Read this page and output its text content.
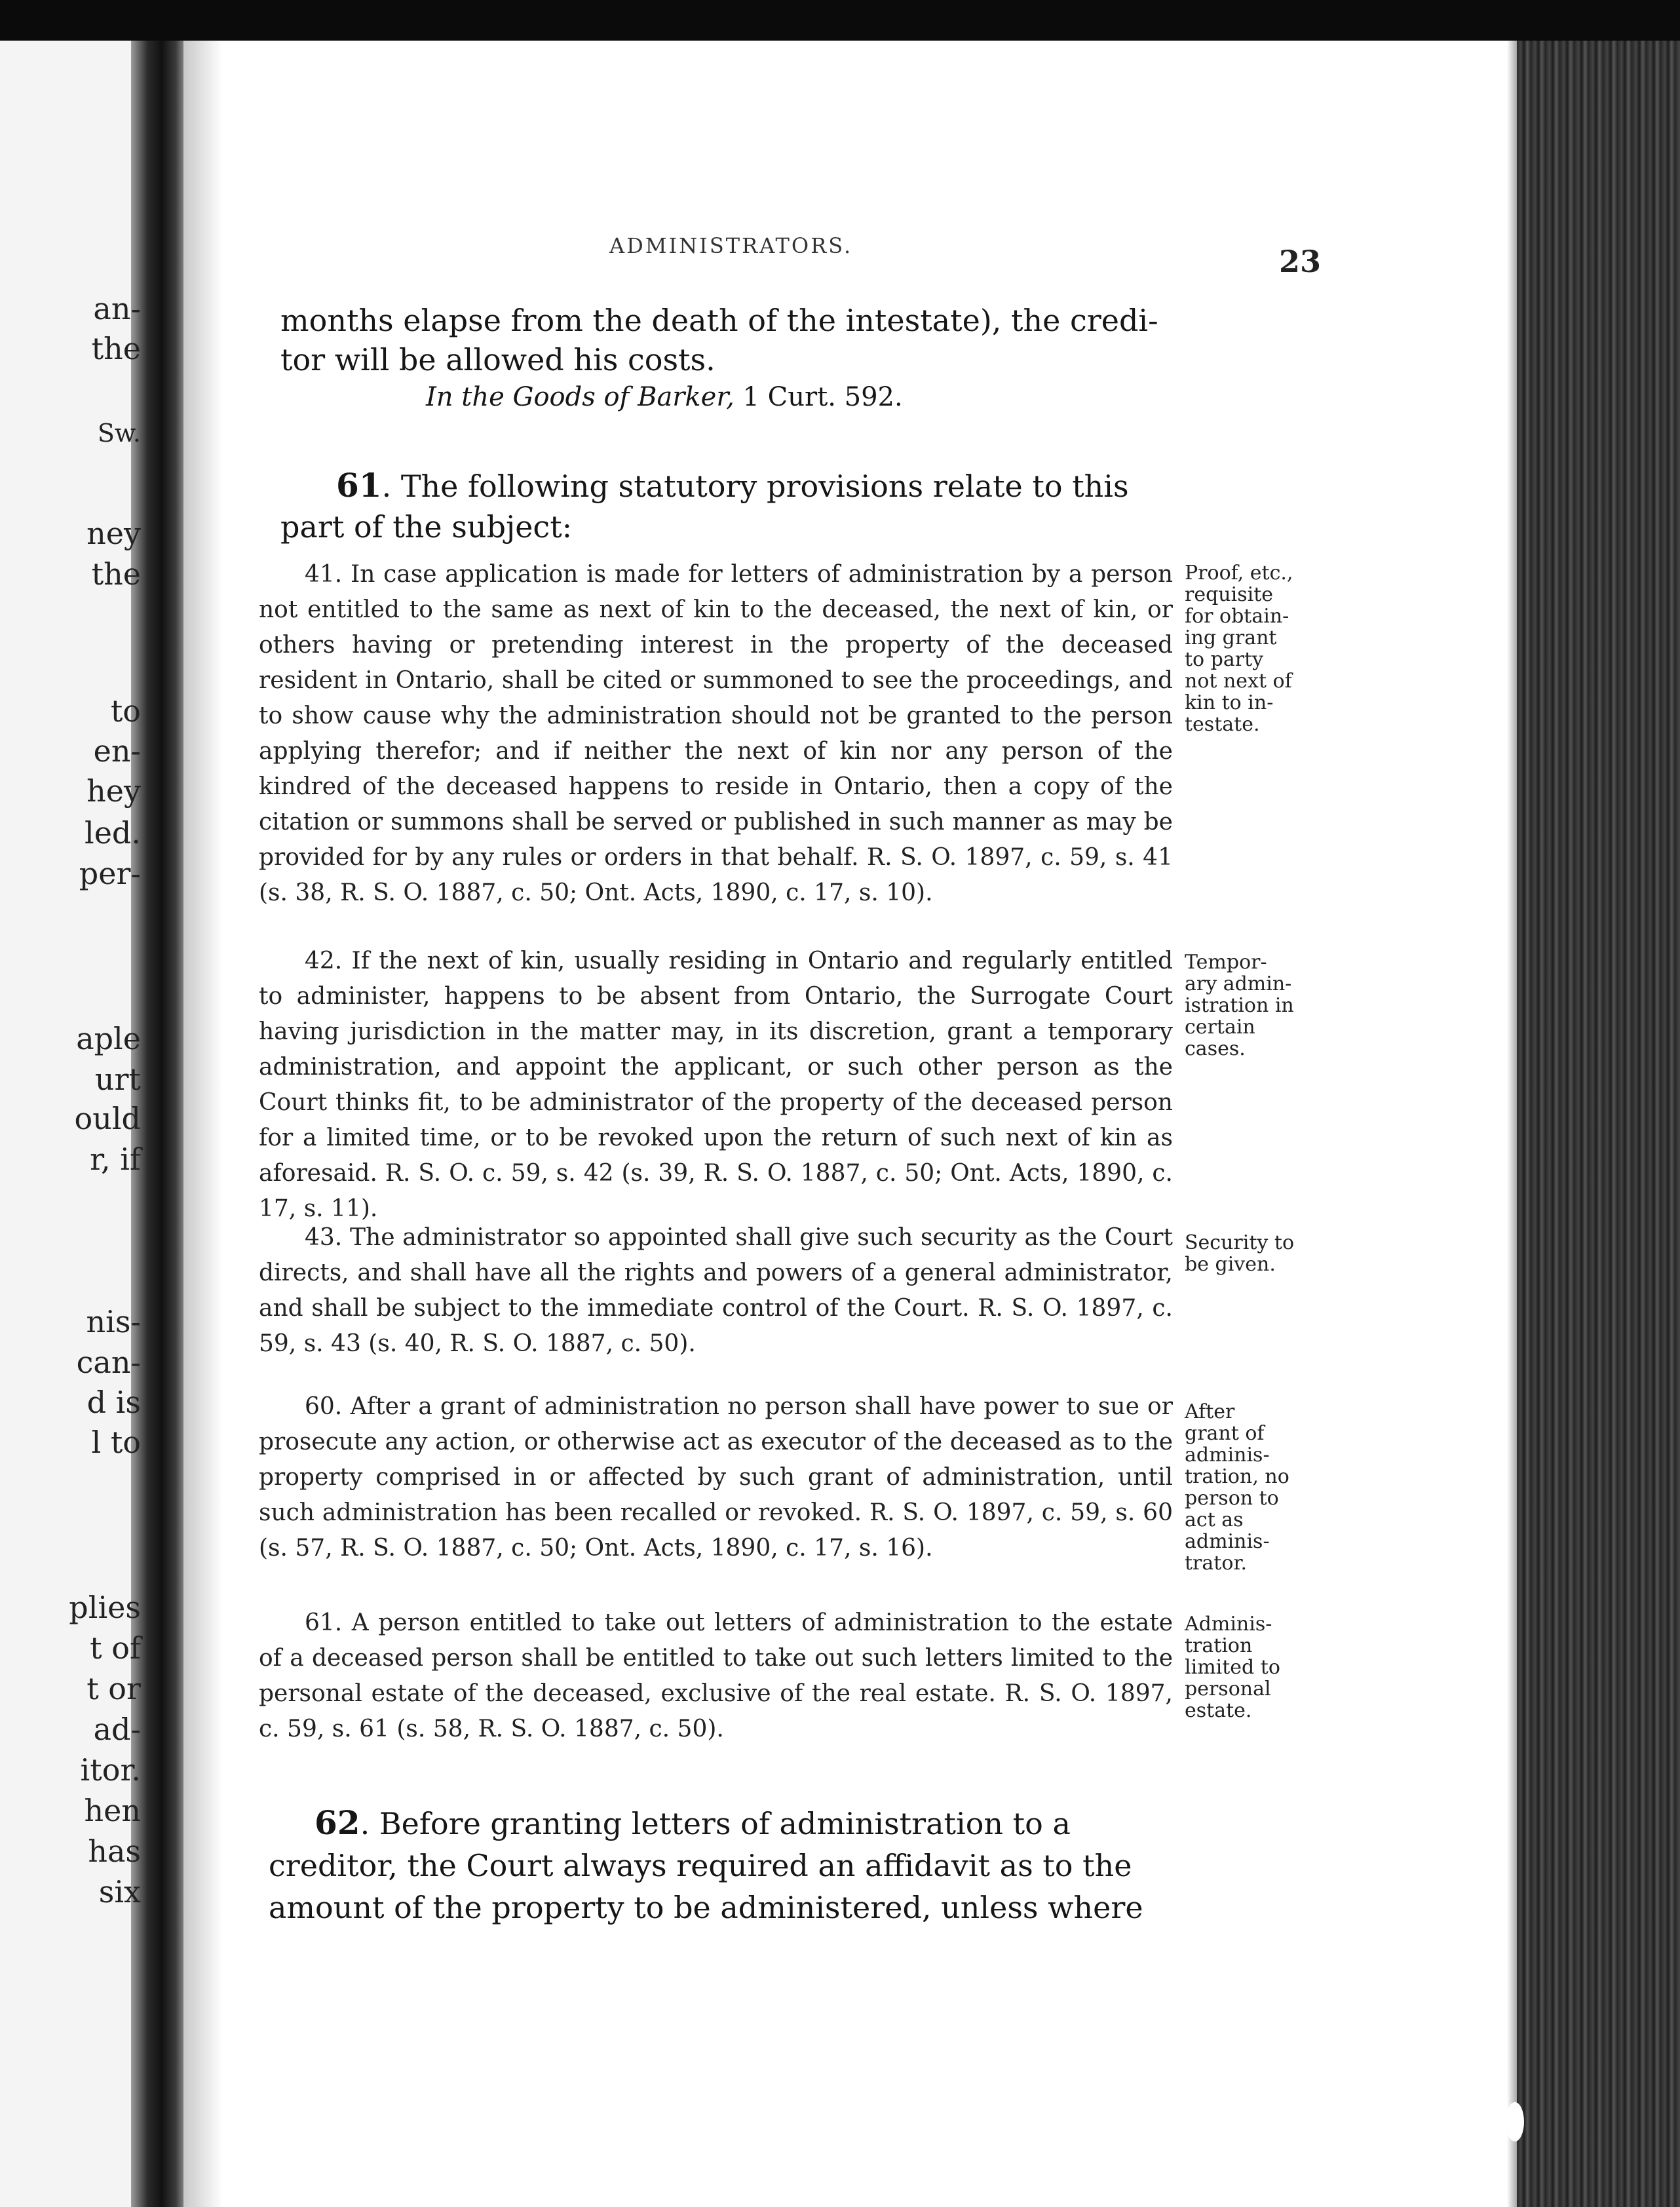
an-
the
Sw.
ney
the
to
en-
hey
led.
per-
aple
urt
ould
r, if
nis-
can-
d is
l to
plies
t of
t or
ad-
itor.
hen
has
six
ADMINISTRATORS.	23
months elapse from the death of the intestate), the credi-
tor will be allowed his costs.
In the Goods of Barker, 1 Curt. 592.
61. The following statutory provisions relate to this part of the subject:

41. In case application is made for letters of administration by a person not entitled to the same as next of kin to the deceased, the next of kin, or others having or pretending interest in the property of the deceased resident in Ontario, shall be cited or summoned to see the proceedings, and to show cause why the administration should not be granted to the person applying therefor; and if neither the next of kin nor any person of the kindred of the deceased happens to reside in Ontario, then a copy of the citation or summons shall be served or published in such manner as may be provided for by any rules or orders in that behalf. R. S. O. 1897, c. 59, s. 41 (s. 38, R. S. O. 1887, c. 50; Ont. Acts, 1890, c. 17, s. 10).

Proof, etc.,
requisite
for obtain-
ing grant
to party
not next of
kin to in-
testate.

42. If the next of kin, usually residing in Ontario and regularly entitled to administer, happens to be absent from Ontario, the Surrogate Court having jurisdiction in the matter may, in its discretion, grant a temporary administration, and appoint the applicant, or such other person as the Court thinks fit, to be administrator of the property of the deceased person for a limited time, or to be revoked upon the return of such next of kin as aforesaid. R. S. O. c. 59, s. 42 (s. 39, R. S. O. 1887, c. 50; Ont. Acts, 1890, c. 17, s. 11).

Tempor-
ary admin-
istration in
certain
cases.

43. The administrator so appointed shall give such security as the Court directs, and shall have all the rights and powers of a general administrator, and shall be subject to the immediate control of the Court. R. S. O. 1897, c. 59, s. 43 (s. 40, R. S. O. 1887, c. 50).

Security to
be given.

60. After a grant of administration no person shall have power to sue or prosecute any action, or otherwise act as executor of the deceased as to the property comprised in or affected by such grant of administration, until such administration has been recalled or revoked. R. S. O. 1897, c. 59, s. 60 (s. 57, R. S. O. 1887, c. 50; Ont. Acts, 1890, c. 17, s. 16).

After
grant of
adminis-
tration, no
person to
act as
adminis-
trator.

61. A person entitled to take out letters of administration to the estate of a deceased person shall be entitled to take out such letters limited to the personal estate of the deceased, exclusive of the real estate. R. S. O. 1897, c. 59, s. 61 (s. 58, R. S. O. 1887, c. 50).

Adminis-
tration
limited to
personal
estate.
62. Before granting letters of administration to a
creditor, the Court always required an affidavit as to the
amount of the property to be administered, unless where
